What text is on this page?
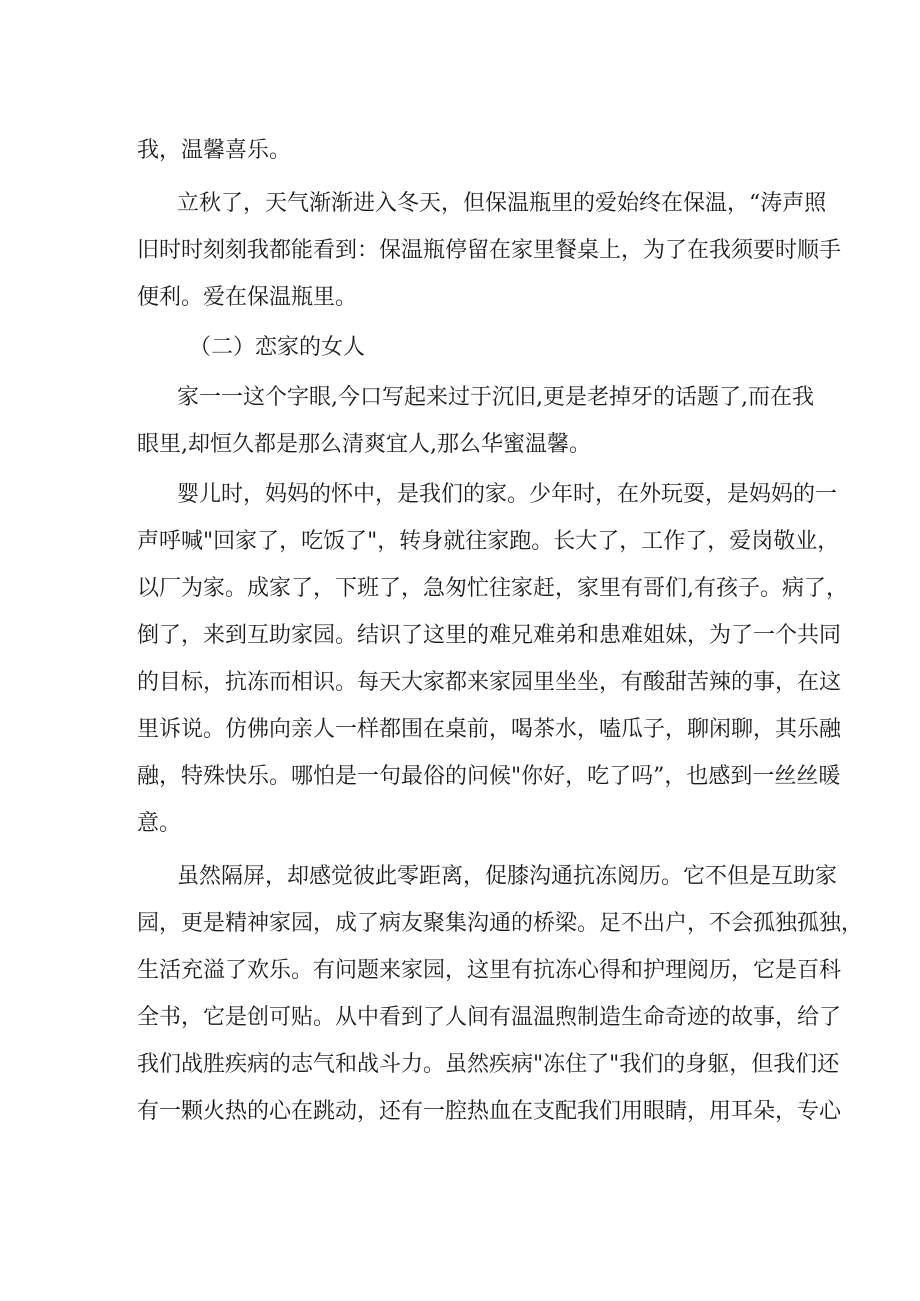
我，温馨喜乐。
立秋了，天气渐渐进入冬天，但保温瓶里的爱始终在保温，“涛声照
旧时时刻刻我都能看到：保温瓶停留在家里餐桌上，为了在我须要时顺手
便利。爱在保温瓶里。
（二）恋家的女人
家一一这个字眼,今口写起来过于沉旧,更是老掉牙的话题了,而在我
眼里,却恒久都是那么清爽宜人,那么华蜜温馨。
婴儿时，妈妈的怀中，是我们的家。少年时，在外玩耍，是妈妈的一
声呼喊"回家了，吃饭了"，转身就往家跑。长大了，工作了，爱岗敬业，
以厂为家。成家了，下班了，急匆忙往家赶，家里有哥们,有孩子。病了，
倒了，来到互助家园。结识了这里的难兄难弟和患难姐妹，为了一个共同
的目标，抗冻而相识。每天大家都来家园里坐坐，有酸甜苦辣的事，在这
里诉说。仿佛向亲人一样都围在桌前，喝茶水，嗑瓜子，聊闲聊，其乐融
融，特殊快乐。哪怕是一句最俗的问候"你好，吃了吗”，也感到一丝丝暖
意。
虽然隔屏，却感觉彼此零距离，促膝沟通抗冻阅历。它不但是互助家
园，更是精神家园，成了病友聚集沟通的桥梁。足不出户，不会孤独孤独，
生活充溢了欢乐。有问题来家园，这里有抗冻心得和护理阅历，它是百科
全书，它是创可贴。从中看到了人间有温温煦制造生命奇迹的故事，给了
我们战胜疾病的志气和战斗力。虽然疾病"冻住了"我们的身躯，但我们还
有一颗火热的心在跳动，还有一腔热血在支配我们用眼睛，用耳朵，专心
